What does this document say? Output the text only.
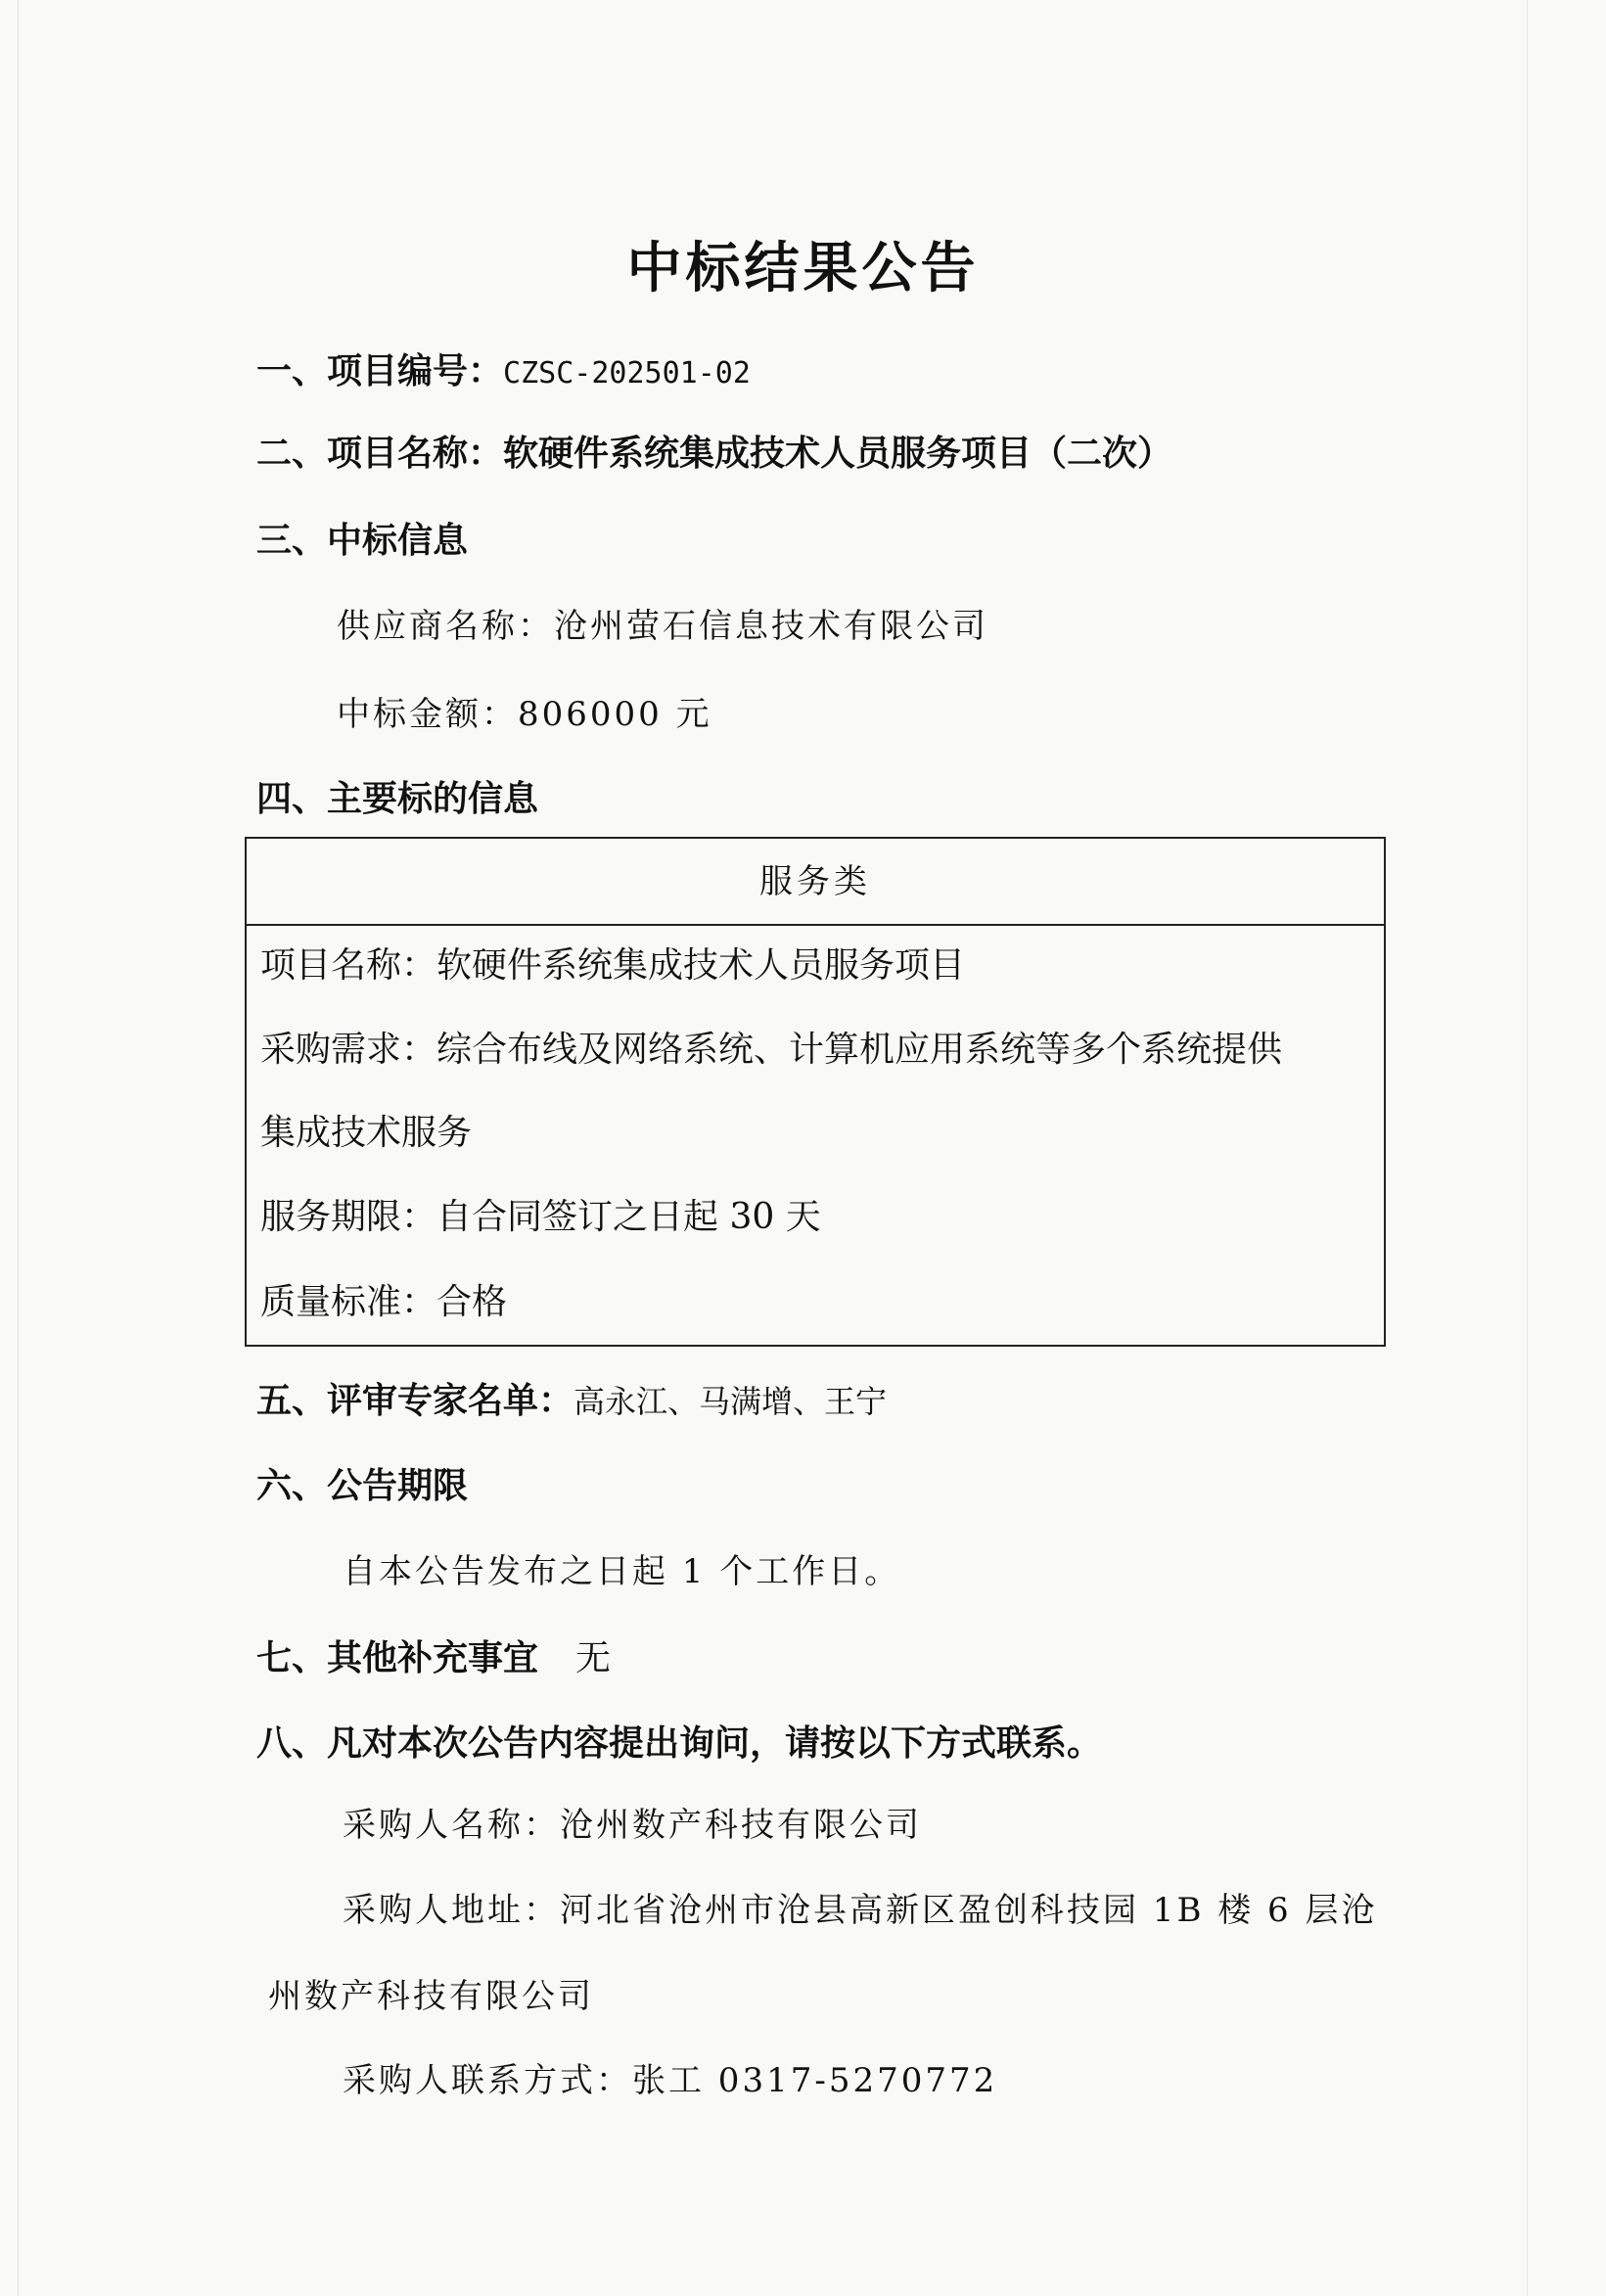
中标结果公告
一、项目编号：CZSC-202501-02
二、项目名称：软硬件系统集成技术人员服务项目（二次）
三、中标信息
供应商名称：沧州萤石信息技术有限公司
中标金额：806000 元
四、主要标的信息
服务类
项目名称：软硬件系统集成技术人员服务项目
采购需求：综合布线及网络系统、计算机应用系统等多个系统提供
集成技术服务
服务期限：自合同签订之日起 30 天
质量标准：合格
五、评审专家名单：高永江、马满增、王宁
六、公告期限
自本公告发布之日起 1 个工作日。
七、其他补充事宜 无
八、凡对本次公告内容提出询问，请按以下方式联系。
采购人名称：沧州数产科技有限公司
采购人地址：河北省沧州市沧县高新区盈创科技园 1B 楼 6 层沧
州数产科技有限公司
采购人联系方式：张工 0317-5270772
